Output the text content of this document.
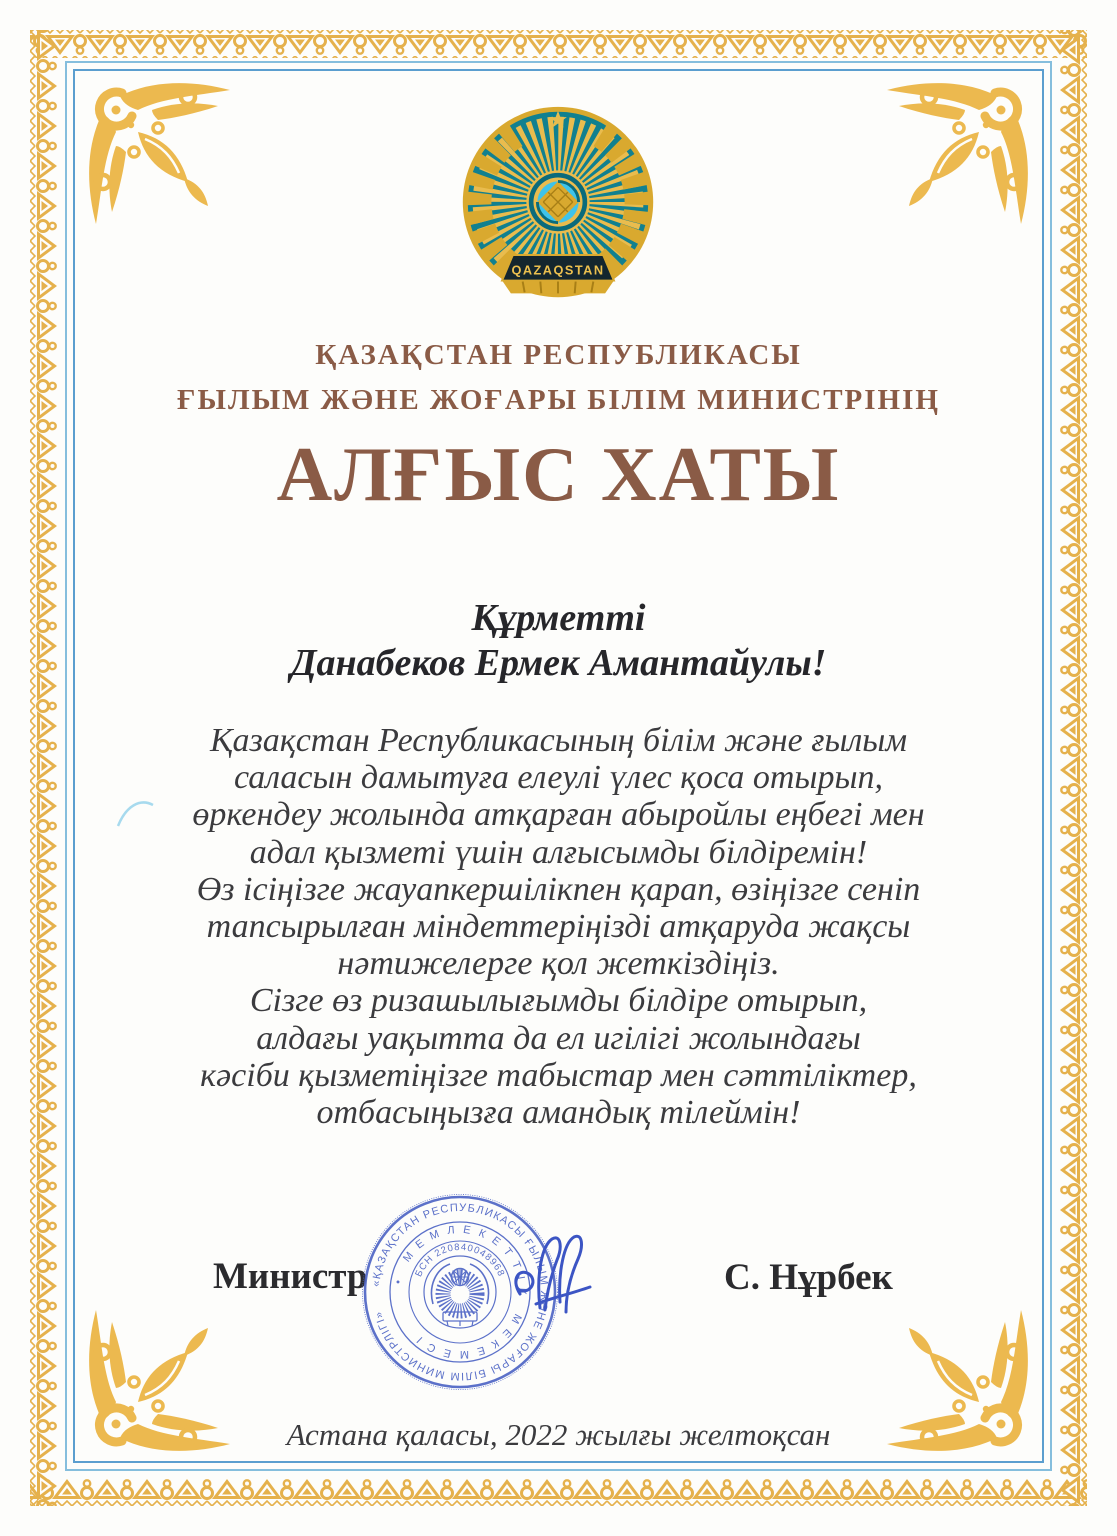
QAZAQSTAN
ҚАЗАҚСТАН РЕСПУБЛИКАСЫ
ҒЫЛЫМ ЖӘНЕ ЖОҒАРЫ БІЛІМ МИНИСТРІНІҢ
АЛҒЫС ХАТЫ
Құрметті
Данабеков Ермек Амантайулы!
Қазақстан Республикасының білім және ғылым
саласын дамытуға елеулі үлес қоса отырып,
өркендеу жолында атқарған абыройлы еңбегі мен
адал қызметі үшін алғысымды білдіремін!
Өз ісіңізге жауапкершілікпен қарап, өзіңізге сеніп
тапсырылған міндеттеріңізді атқаруда жақсы
нәтижелерге қол жеткіздіңіз.
Сізге өз ризашылығымды білдіре отырып,
алдағы уақытта да ел игілігі жолындағы
кәсіби қызметіңізге табыстар мен сәттіліктер,
отбасыңызға амандық тілеймін!
Министр	С. Нұрбек
«ҚАЗАҚСТАН РЕСПУБЛИКАСЫ ҒЫЛЫМ ЖӘНЕ ЖОҒАРЫ БІЛІМ МИНИСТРЛІГІ»
• МЕМЛЕКЕТТІК МЕКЕМЕСІ
БСН 220840048968
Астана қаласы, 2022 жылғы желтоқсан
